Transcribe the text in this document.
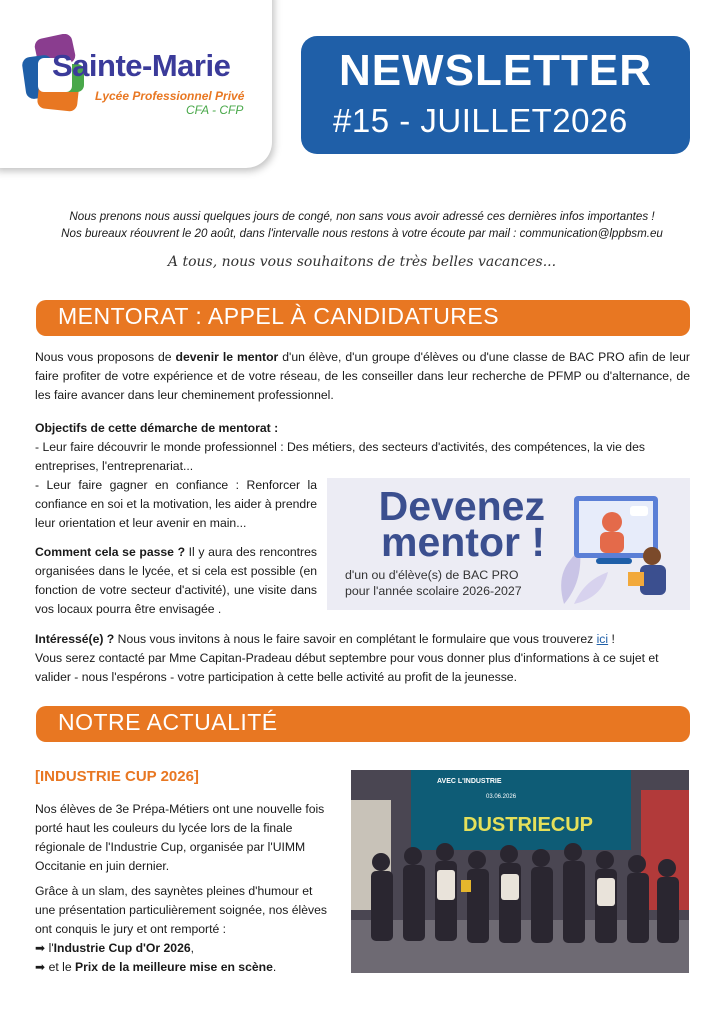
Sainte-Marie
Lycée Professionnel Privé
CFA - CFP
NEWSLETTER
#15 - JUILLET2026
Nous prenons nous aussi quelques jours de congé, non sans vous avoir adressé ces dernières infos importantes !
Nos bureaux réouvrent le 20 août, dans l'intervalle nous restons à votre écoute par mail : communication@lppbsm.eu
A tous, nous vous souhaitons de très belles vacances...
MENTORAT : APPEL À CANDIDATURES
Nous vous proposons de devenir le mentor d'un élève, d'un groupe d'élèves ou d'une classe de BAC PRO afin de leur faire profiter de votre expérience et de votre réseau, de les conseiller dans leur recherche de PFMP ou d'alternance, de les faire avancer dans leur cheminement professionnel.
Objectifs de cette démarche de mentorat :
- Leur faire découvrir le monde professionnel : Des métiers, des secteurs d'activités, des compétences, la vie des entreprises, l'entreprenariat...
- Leur faire gagner en confiance : Renforcer la confiance en soi et la motivation, les aider à prendre leur orientation et leur avenir en main...
Comment cela se passe ? Il y aura des rencontres organisées dans le lycée, et si cela est possible (en fonction de votre secteur d'activité), une visite dans vos locaux pourra être envisagée .
Devenez
mentor !
d'un ou d'élève(s) de BAC PRO
pour l'année scolaire 2026-2027
Intéressé(e) ? Nous vous invitons à nous le faire savoir en complétant le formulaire que vous trouverez ici !
Vous serez contacté par Mme Capitan-Pradeau début septembre pour vous donner plus d'informations à ce sujet et valider - nous l'espérons - votre participation à cette belle activité au profit de la jeunesse.
NOTRE ACTUALITÉ
[INDUSTRIE CUP 2026]
Nos élèves de 3e Prépa-Métiers ont une nouvelle fois porté haut les couleurs du lycée lors de la finale régionale de l'Industrie Cup, organisée par l'UIMM Occitanie en juin dernier.
Grâce à un slam, des saynètes pleines d'humour et une présentation particulièrement soignée, nos élèves ont conquis le jury et ont remporté :
➡ l'Industrie Cup d'Or 2026,
➡ et le Prix de la meilleure mise en scène.
AVEC L'INDUSTRIE
03.06.2026
DUSTRIECUP
